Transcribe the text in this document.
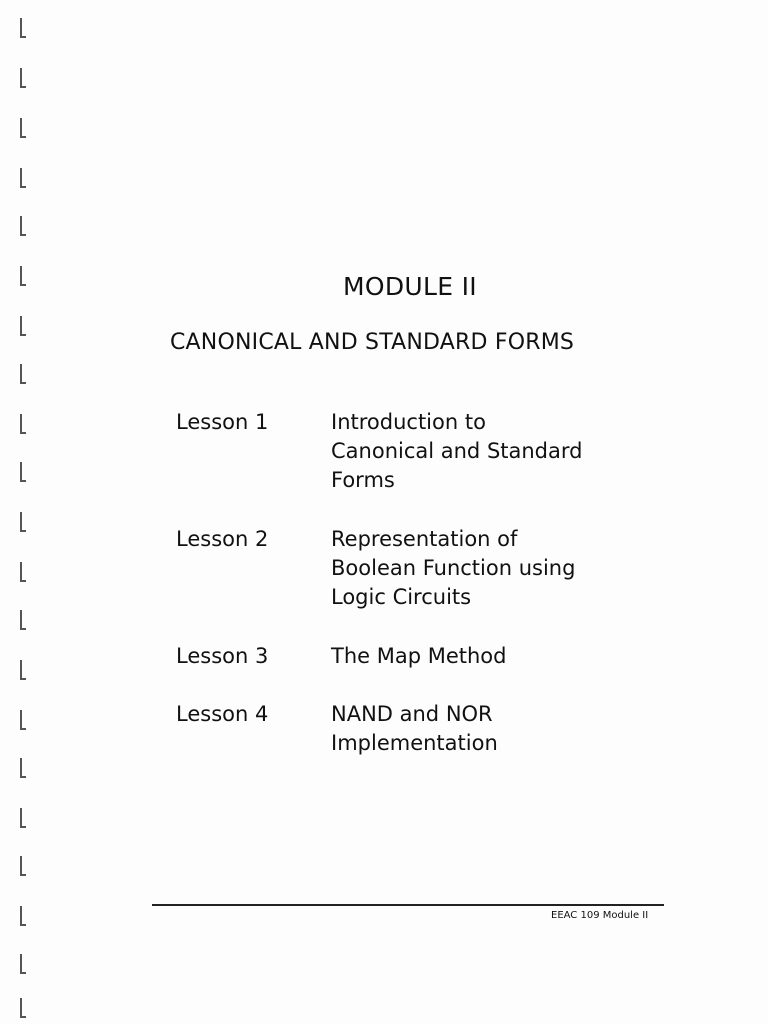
MODULE II
CANONICAL AND STANDARD FORMS
Lesson 1	Introduction to
Canonical and Standard
Forms
Lesson 2	Representation of
Boolean Function using
Logic Circuits
Lesson 3	The Map Method
Lesson 4	NAND and NOR
Implementation
EEAC 109 Module II
